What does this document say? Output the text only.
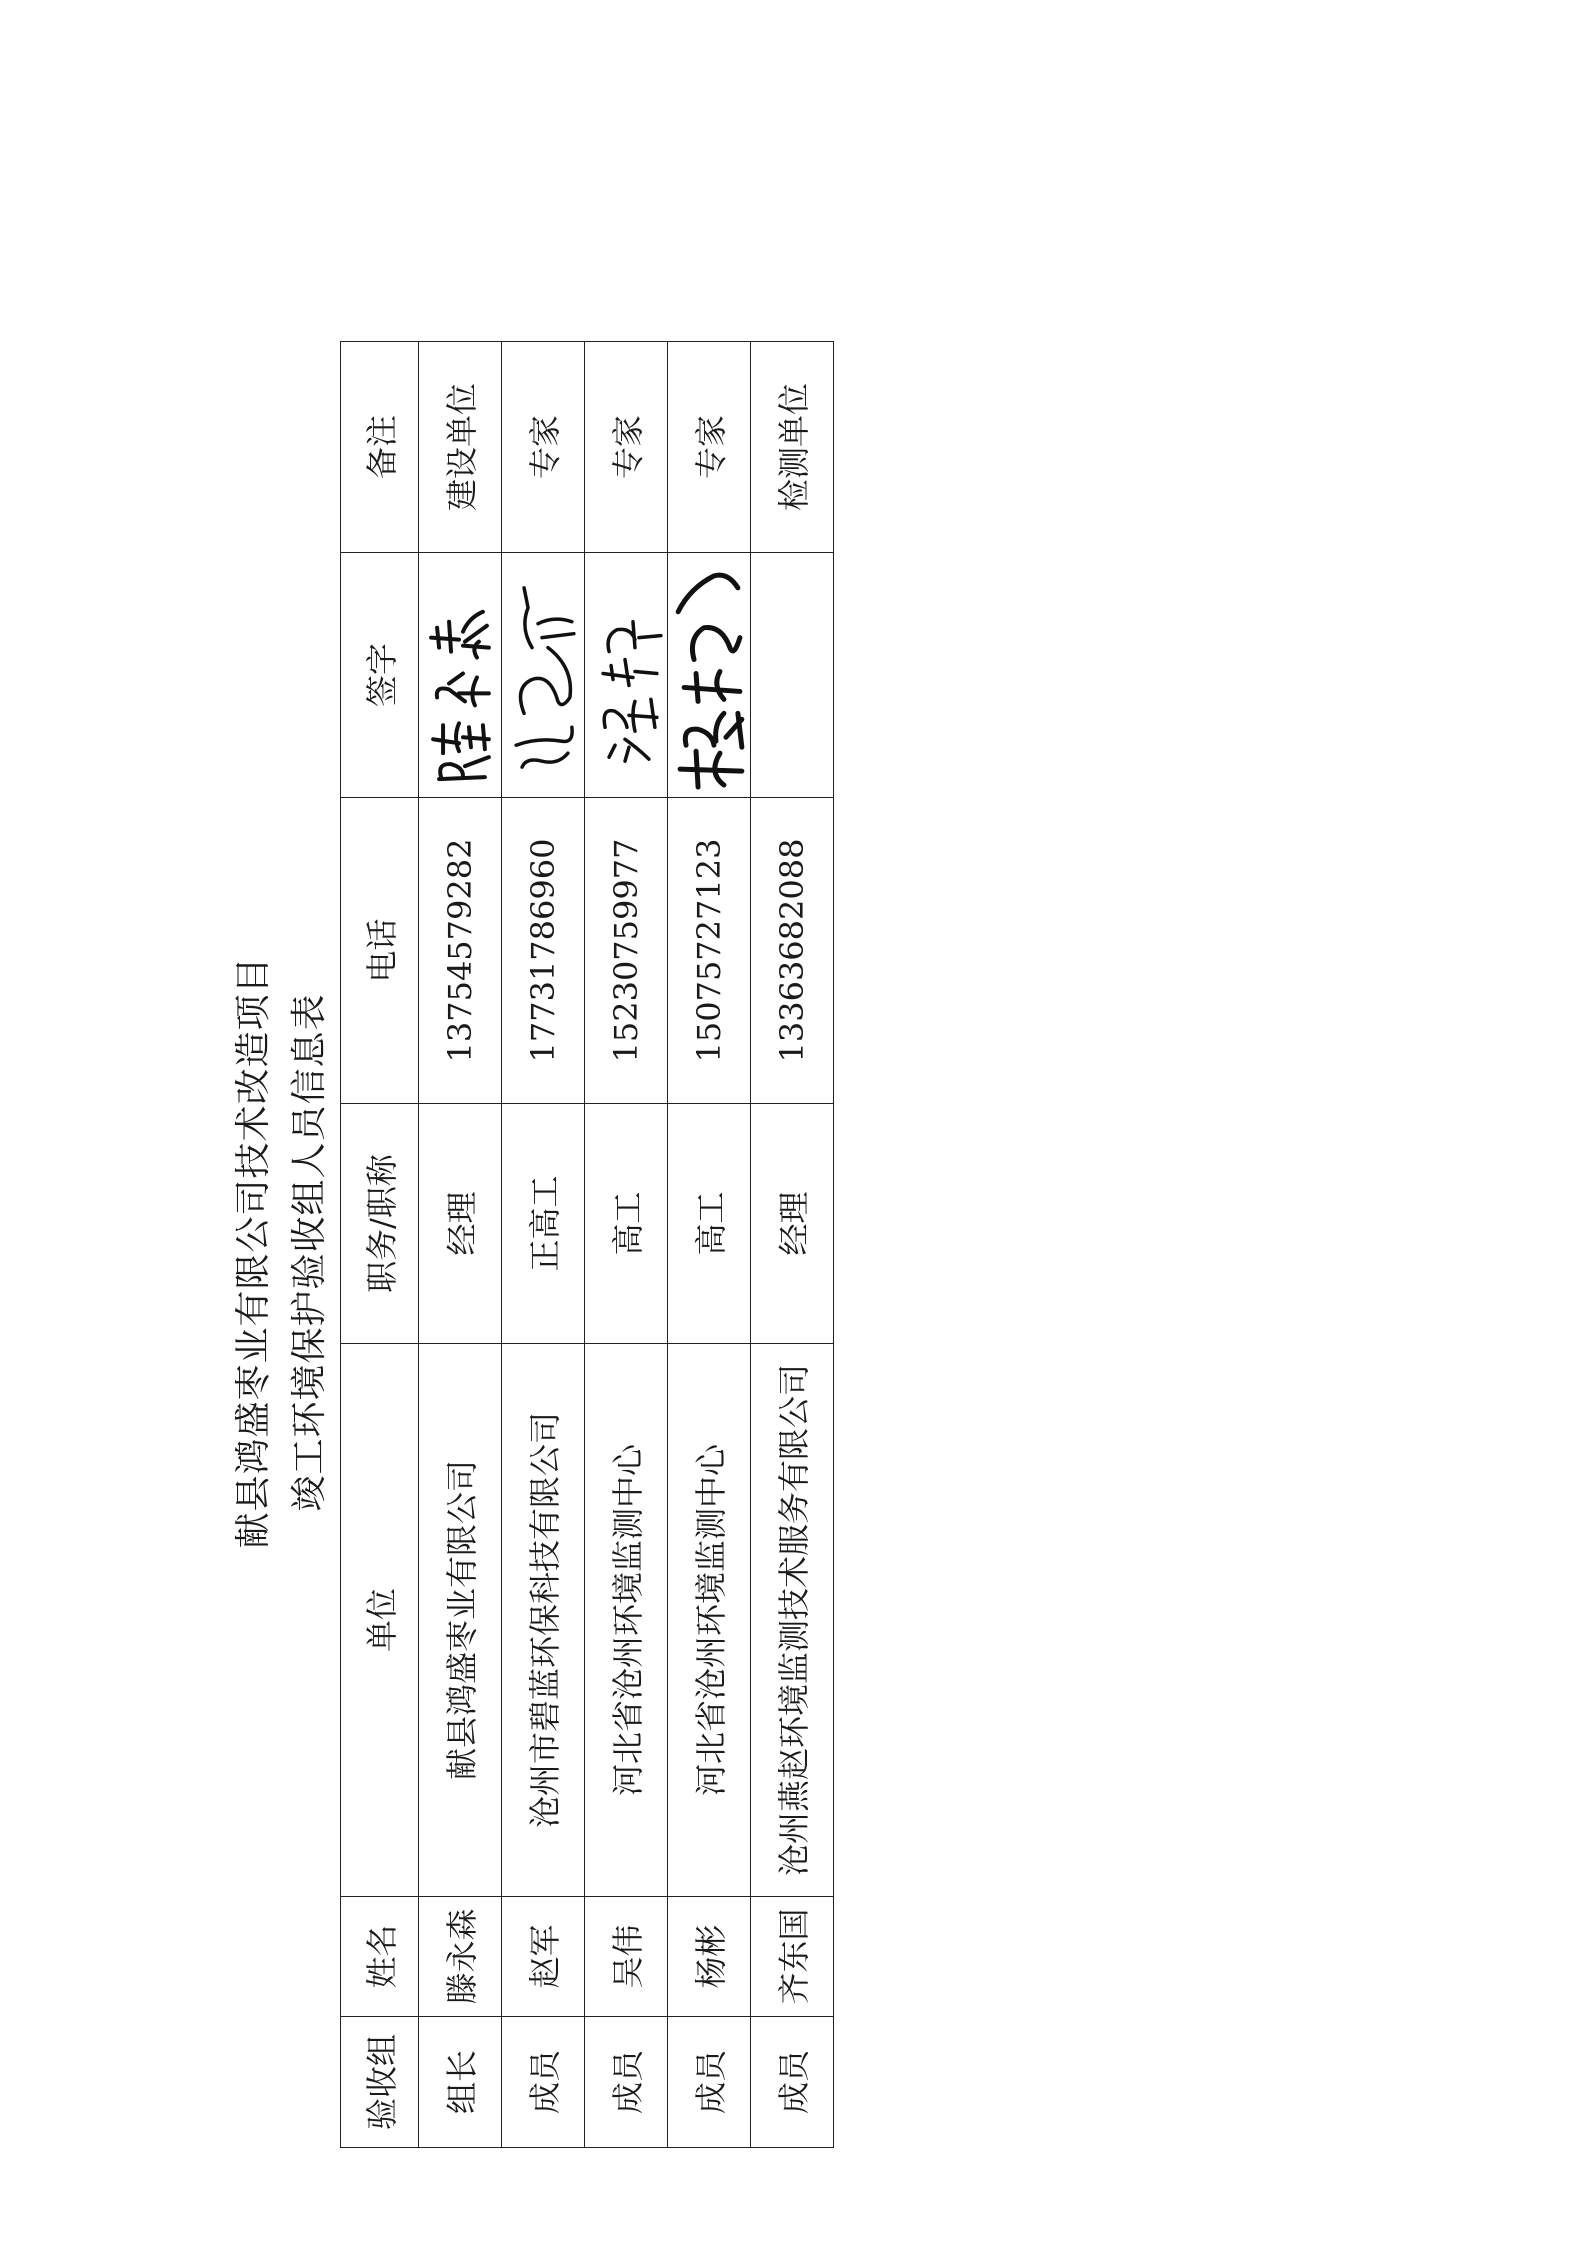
献县鸿盛枣业有限公司技术改造项目 竣工环境保护验收组人员信息表
验收组	姓名	单位	职务/职称	电话	签字	备注
组长	滕永森	献县鸿盛枣业有限公司	经理	13754579282		建设单位
成员	赵军	沧州市碧蓝环保科技有限公司	正高工	17731786960		专家
成员	吴伟	河北省沧州环境监测中心	高工	15230759977		专家
成员	杨彬	河北省沧州环境监测中心	高工	15075727123		专家
成员	齐东国	沧州燕赵环境监测技术服务有限公司	经理	13363682088		检测单位
